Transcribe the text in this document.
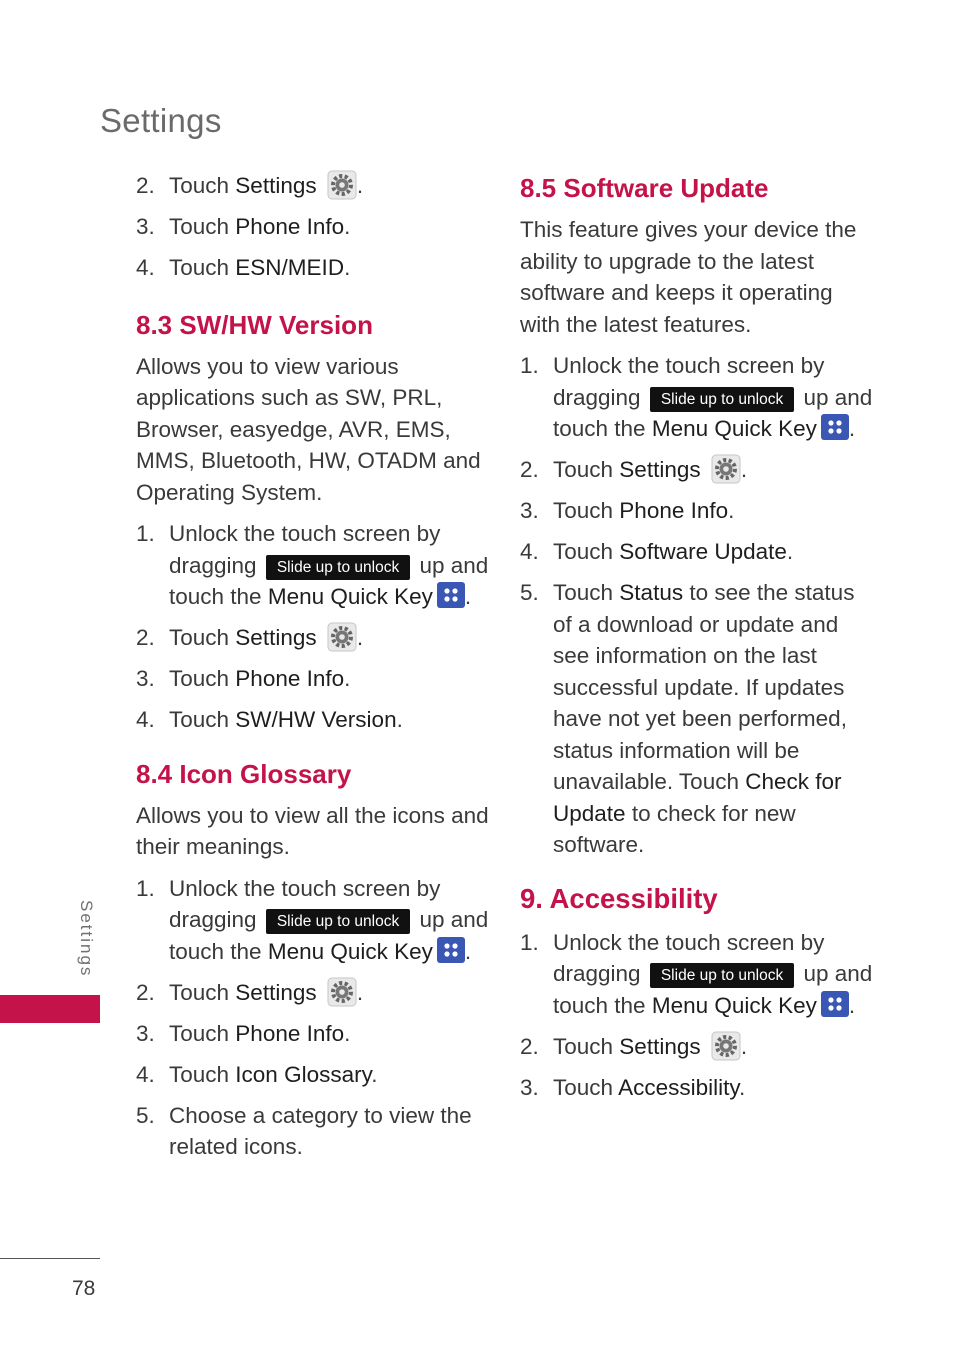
Settings
2. Touch Settings .
3. Touch Phone Info.
4. Touch ESN/MEID.
8.3 SW/HW Version

Allows you to view various applications such as SW, PRL, Browser, easyedge, AVR, EMS, MMS, Bluetooth, HW, OTADM and Operating System.

1. Unlock the touch screen by dragging Slide up to unlock up and touch the Menu Quick Key .
2. Touch Settings .
3. Touch Phone Info.
4. Touch SW/HW Version.
8.4 Icon Glossary

Allows you to view all the icons and their meanings.

1. Unlock the touch screen by dragging Slide up to unlock up and touch the Menu Quick Key .
2. Touch Settings .
3. Touch Phone Info.
4. Touch Icon Glossary.
5. Choose a category to view the related icons.
8.5 Software Update

This feature gives your device the ability to upgrade to the latest software and keeps it operating with the latest features.

1. Unlock the touch screen by dragging Slide up to unlock up and touch the Menu Quick Key .
2. Touch Settings .
3. Touch Phone Info.
4. Touch Software Update.
5. Touch Status to see the status of a download or update and see information on the last successful update. If updates have not yet been performed, status information will be unavailable. Touch Check for Update to check for new software.
9. Accessibility
1. Unlock the touch screen by dragging Slide up to unlock up and touch the Menu Quick Key .
2. Touch Settings .
3. Touch Accessibility.
Settings
78
